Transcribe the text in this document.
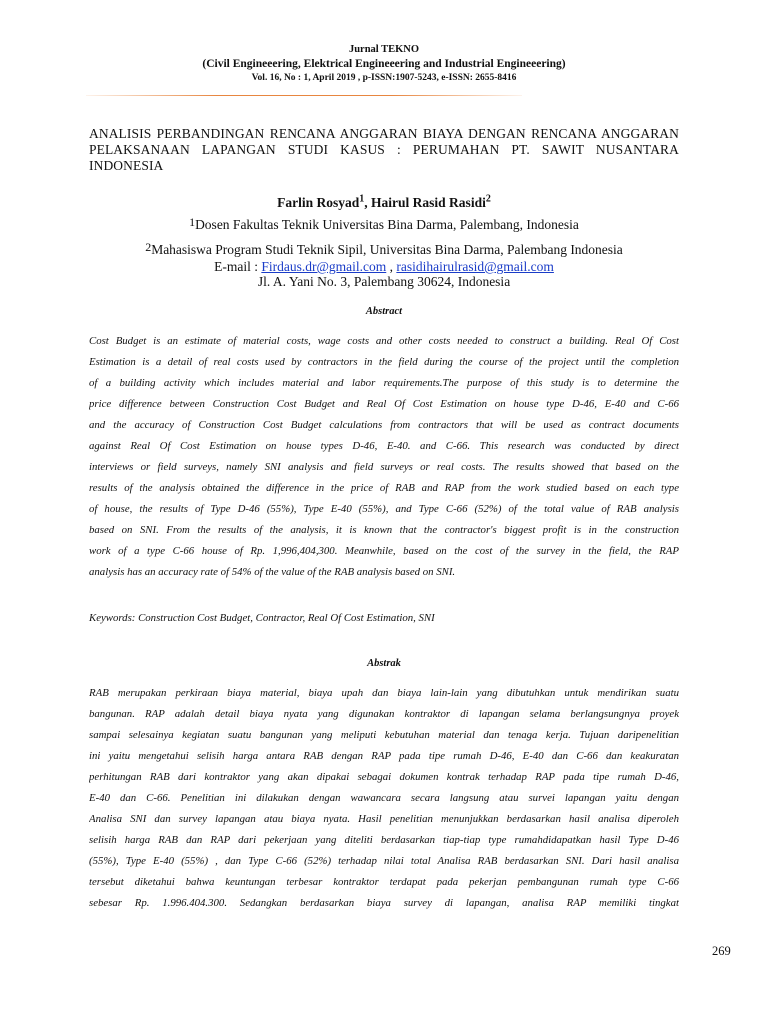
Jurnal TEKNO
(Civil Engineeering, Elektrical Engineeering and Industrial Engineeering)
Vol. 16, No : 1, April 2019 , p-ISSN:1907-5243, e-ISSN: 2655-8416
ANALISIS PERBANDINGAN RENCANA ANGGARAN BIAYA DENGAN RENCANA ANGGARAN
PELAKSANAAN LAPANGAN STUDI KASUS : PERUMAHAN PT. SAWIT NUSANTARA
INDONESIA
Farlin Rosyad$^1$, Hairul Rasid Rasidi$^2$
1Dosen Fakultas Teknik Universitas Bina Darma, Palembang, Indonesia
2Mahasiswa Program Studi Teknik Sipil, Universitas Bina Darma, Palembang Indonesia
E-mail : Firdaus.dr@gmail.com , rasidihairulrasid@gmail.com
Jl. A. Yani No. 3, Palembang 30624, Indonesia
Abstract
Cost Budget is an estimate of material costs, wage costs and other costs needed to construct a building. Real Of Cost
Estimation is a detail of real costs used by contractors in the field during the course of the project until the completion
of a building activity which includes material and labor requirements.The purpose of this study is to determine the
price difference between Construction Cost Budget and Real Of Cost Estimation on house type D-46, E-40 and C-66
and the accuracy of Construction Cost Budget calculations from contractors that will be used as contract documents
against Real Of Cost Estimation on house types D-46, E-40. and C-66. This research was conducted by direct
interviews or field surveys, namely SNI analysis and field surveys or real costs. The results showed that based on the
results of the analysis obtained the difference in the price of RAB and RAP from the work studied based on each type
of house, the results of Type D-46 (55%), Type E-40 (55%), and Type C-66 (52%) of the total value of RAB analysis
based on SNI. From the results of the analysis, it is known that the contractor's biggest profit is in the construction
work of a type C-66 house of Rp. 1,996,404,300. Meanwhile, based on the cost of the survey in the field, the RAP
analysis has an accuracy rate of 54% of the value of the RAB analysis based on SNI.
Keywords: Construction Cost Budget, Contractor, Real Of Cost Estimation, SNI
Abstrak
RAB merupakan perkiraan biaya material, biaya upah dan biaya lain-lain yang dibutuhkan untuk mendirikan suatu
bangunan. RAP adalah detail biaya nyata yang digunakan kontraktor di lapangan selama berlangsungnya proyek
sampai selesainya kegiatan suatu bangunan yang meliputi kebutuhan material dan tenaga kerja. Tujuan daripenelitian
ini yaitu mengetahui selisih harga antara RAB dengan RAP pada tipe rumah D-46, E-40 dan C-66 dan keakuratan
perhitungan RAB dari kontraktor yang akan dipakai sebagai dokumen kontrak terhadap RAP pada tipe rumah D-46,
E-40 dan C-66. Penelitian ini dilakukan dengan wawancara secara langsung atau survei lapangan yaitu dengan
Analisa SNI dan survey lapangan atau biaya nyata. Hasil penelitian menunjukkan berdasarkan hasil analisa diperoleh
selisih harga RAB dan RAP dari pekerjaan yang diteliti berdasarkan tiap-tiap type rumahdidapatkan hasil Type D-46
(55%), Type E-40 (55%) , dan Type C-66 (52%) terhadap nilai total Analisa RAB berdasarkan SNI. Dari hasil analisa
tersebut diketahui bahwa keuntungan terbesar kontraktor terdapat pada pekerjan pembangunan rumah type C-66
sebesar Rp. 1.996.404.300. Sedangkan berdasarkan biaya survey di lapangan, analisa RAP memiliki tingkat
269
